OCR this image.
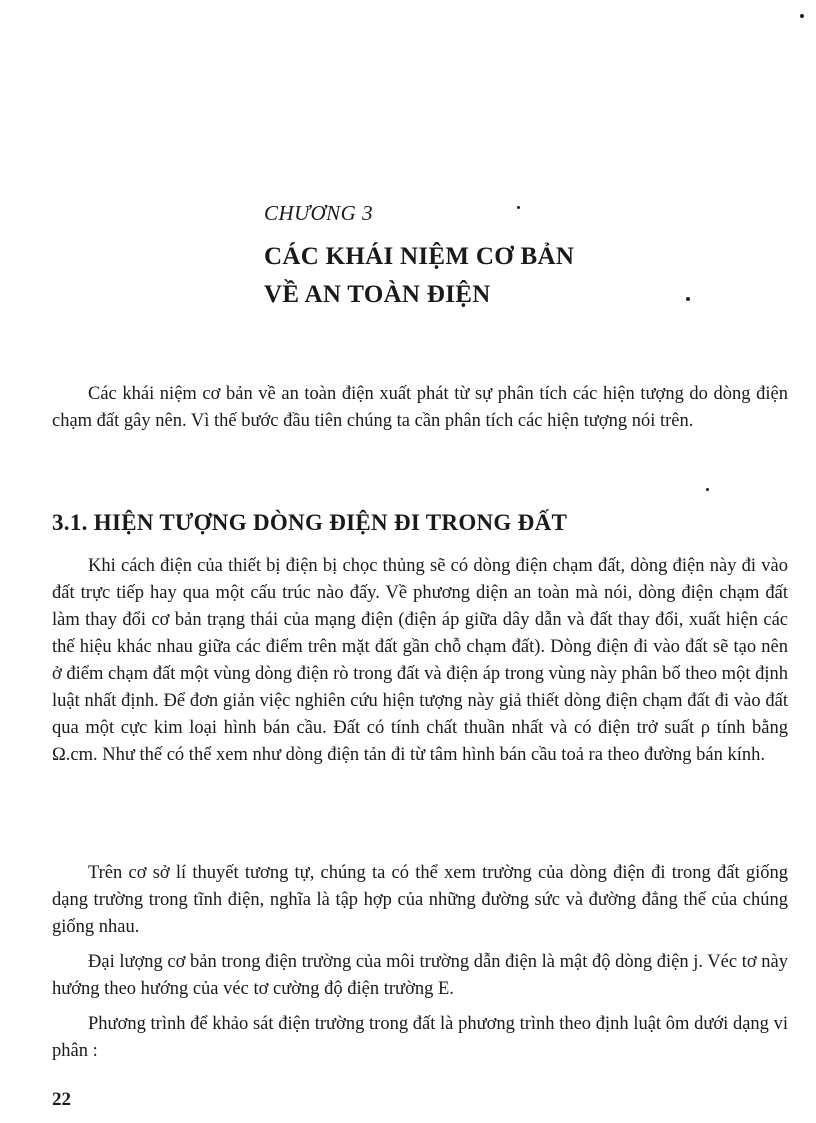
CHƯƠNG 3
CÁC KHÁI NIỆM CƠ BẢN
VỀ AN TOÀN ĐIỆN
Các khái niệm cơ bản về an toàn điện xuất phát từ sự phân tích các hiện tượng do dòng điện chạm đất gây nên. Vì thế bước đầu tiên chúng ta cần phân tích các hiện tượng nói trên.
3.1. HIỆN TƯỢNG DÒNG ĐIỆN ĐI TRONG ĐẤT
Khi cách điện của thiết bị điện bị chọc thủng sẽ có dòng điện chạm đất, dòng điện này đi vào đất trực tiếp hay qua một cấu trúc nào đấy. Về phương diện an toàn mà nói, dòng điện chạm đất làm thay đổi cơ bản trạng thái của mạng điện (điện áp giữa dây dẫn và đất thay đổi, xuất hiện các thế hiệu khác nhau giữa các điểm trên mặt đất gần chỗ chạm đất). Dòng điện đi vào đất sẽ tạo nên ở điểm chạm đất một vùng dòng điện rò trong đất và điện áp trong vùng này phân bố theo một định luật nhất định. Để đơn giản việc nghiên cứu hiện tượng này giả thiết dòng điện chạm đất đi vào đất qua một cực kim loại hình bán cầu. Đất có tính chất thuần nhất và có điện trở suất ρ tính bằng Ω.cm. Như thế có thể xem như dòng điện tản đi từ tâm hình bán cầu toả ra theo đường bán kính.
Trên cơ sở lí thuyết tương tự, chúng ta có thể xem trường của dòng điện đi trong đất giống dạng trường trong tĩnh điện, nghĩa là tập hợp của những đường sức và đường đẳng thế của chúng giống nhau.
Đại lượng cơ bản trong điện trường của môi trường dẫn điện là mật độ dòng điện j. Véc tơ này hướng theo hướng của véc tơ cường độ điện trường E.
Phương trình để khảo sát điện trường trong đất là phương trình theo định luật ôm dưới dạng vi phân :
22
